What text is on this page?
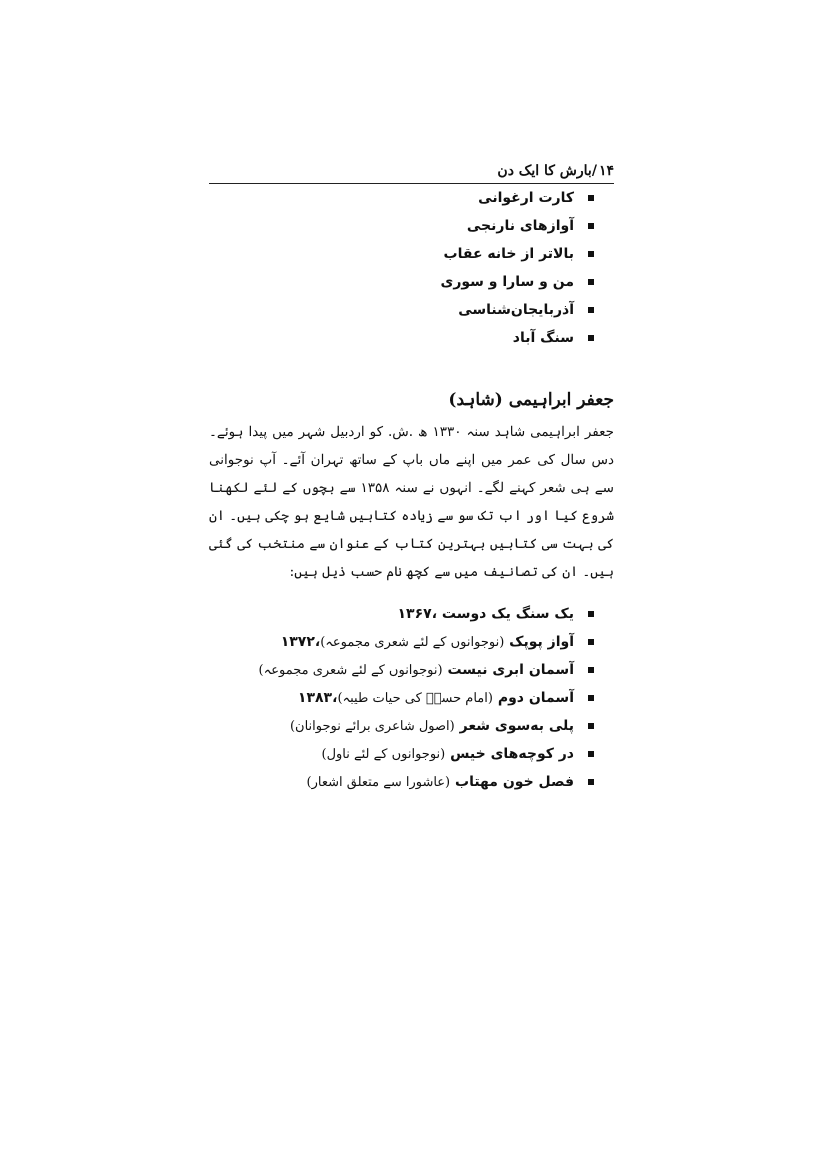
۱۴
/
بارش کا ایک دن
کارت ارغوانی
آوازهای نارنجی
بالاتر از خانه عقاب
من و سارا و سوری
آذربایجان‌شناسی
سنگ آباد
جعفر ابراہیمی (شاہد)

جعفر ابراہیمی شاہد سنہ ۱۳۳۰ ھ .ش. کو اردبیل شہر میں پیدا ہوئے۔ دس سال کی عمر میں اپنے ماں باپ کے ساتھ تہران آئے۔ آپ نوجوانی سے ہی شعر کہنے لگے۔ انہوں نے سنہ ۱۳۵۸ سے بچوں کے لئے لکھنا شروع کیا اور اب تک سو سے زیادہ کتابیں شایع ہو چکی ہیں۔ ان کی بہت سی کتابیں بہترین کتاب کے عنوان سے منتخب کی گئی ہیں۔ ان کی تصانیف میں سے کچھ نام حسب ذیل ہیں:

یک سنگ یک دوست ،۱۳۶۷
آواز پوپک (نوجوانوں کے لئے شعری مجموعہ)،۱۳۷۲
آسمان ابری نیست (نوجوانوں کے لئے شعری مجموعہ)
آسمان دوم (امام حسنؑ کی حیات طیبہ)،۱۳۸۳
پلی به‌سوی شعر (اصول شاعری برائے نوجوانان)
در کوچه‌های خیس (نوجوانوں کے لئے ناول)
فصل خون مهتاب (عاشورا سے متعلق اشعار)
